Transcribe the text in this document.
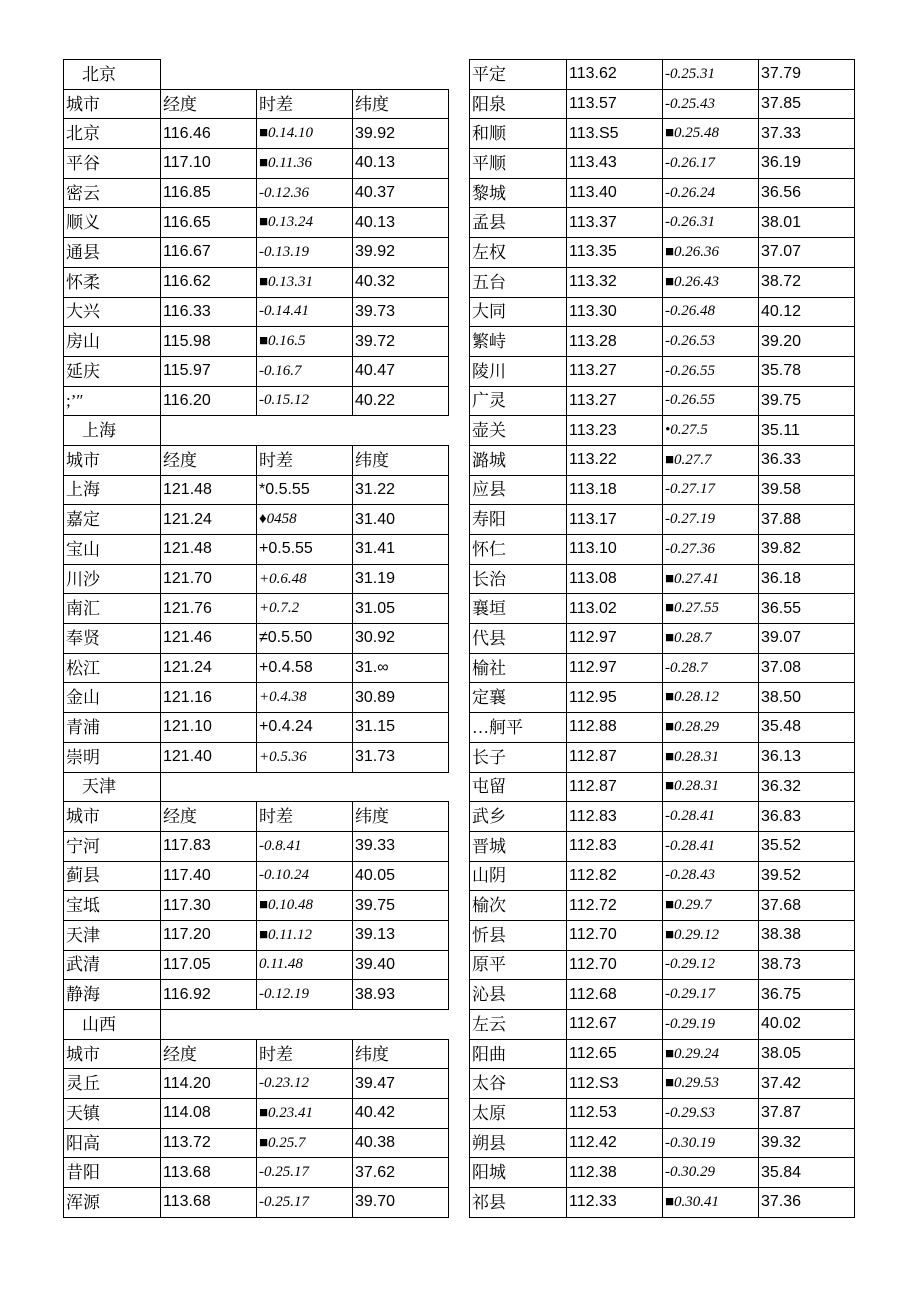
北京			
城市	经度	时差	纬度
北京	116.46	■0.14.10	39.92
平谷	117.10	■0.11.36	40.13
密云	116.85	-0.12.36	40.37
顺义	116.65	■0.13.24	40.13
通县	116.67	-0.13.19	39.92
怀柔	116.62	■0.13.31	40.32
大兴	116.33	-0.14.41	39.73
房山	115.98	■0.16.5	39.72
延庆	115.97	-0.16.7	40.47
;’″	116.20	-0.15.12	40.22
上海			
城市	经度	时差	纬度
上海	121.48	*0.5.55	31.22
嘉定	121.24	♦0458	31.40
宝山	121.48	+0.5.55	31.41
川沙	121.70	+0.6.48	31.19
南汇	121.76	+0.7.2	31.05
奉贤	121.46	≠0.5.50	30.92
松江	121.24	+0.4.58	31.∞
金山	121.16	+0.4.38	30.89
青浦	121.10	+0.4.24	31.15
崇明	121.40	+0.5.36	31.73
天津			
城市	经度	时差	纬度
宁河	117.83	-0.8.41	39.33
蓟县	117.40	-0.10.24	40.05
宝坻	117.30	■0.10.48	39.75
天津	117.20	■0.11.12	39.13
武清	117.05	0.11.48	39.40
静海	116.92	-0.12.19	38.93
山西			
城市	经度	时差	纬度
灵丘	114.20	-0.23.12	39.47
天镇	114.08	■0.23.41	40.42
阳高	113.72	■0.25.7	40.38
昔阳	113.68	-0.25.17	37.62
浑源	113.68	-0.25.17	39.70
平定	113.62	-0.25.31	37.79
阳泉	113.57	-0.25.43	37.85
和顺	113.S5	■0.25.48	37.33
平顺	113.43	-0.26.17	36.19
黎城	113.40	-0.26.24	36.56
孟县	113.37	-0.26.31	38.01
左权	113.35	■0.26.36	37.07
五台	113.32	■0.26.43	38.72
大同	113.30	-0.26.48	40.12
繁峙	113.28	-0.26.53	39.20
陵川	113.27	-0.26.55	35.78
广灵	113.27	-0.26.55	39.75
壶关	113.23	•0.27.5	35.11
潞城	113.22	■0.27.7	36.33
应县	113.18	-0.27.17	39.58
寿阳	113.17	-0.27.19	37.88
怀仁	113.10	-0.27.36	39.82
长治	113.08	■0.27.41	36.18
襄垣	113.02	■0.27.55	36.55
代县	112.97	■0.28.7	39.07
榆社	112.97	-0.28.7	37.08
定襄	112.95	■0.28.12	38.50
…舸平	112.88	■0.28.29	35.48
长子	112.87	■0.28.31	36.13
屯留	112.87	■0.28.31	36.32
武乡	112.83	-0.28.41	36.83
晋城	112.83	-0.28.41	35.52
山阴	112.82	-0.28.43	39.52
榆次	112.72	■0.29.7	37.68
忻县	112.70	■0.29.12	38.38
原平	112.70	-0.29.12	38.73
沁县	112.68	-0.29.17	36.75
左云	112.67	-0.29.19	40.02
阳曲	112.65	■0.29.24	38.05
太谷	112.S3	■0.29.53	37.42
太原	112.53	-0.29.S3	37.87
朔县	112.42	-0.30.19	39.32
阳城	112.38	-0.30.29	35.84
祁县	112.33	■0.30.41	37.36
